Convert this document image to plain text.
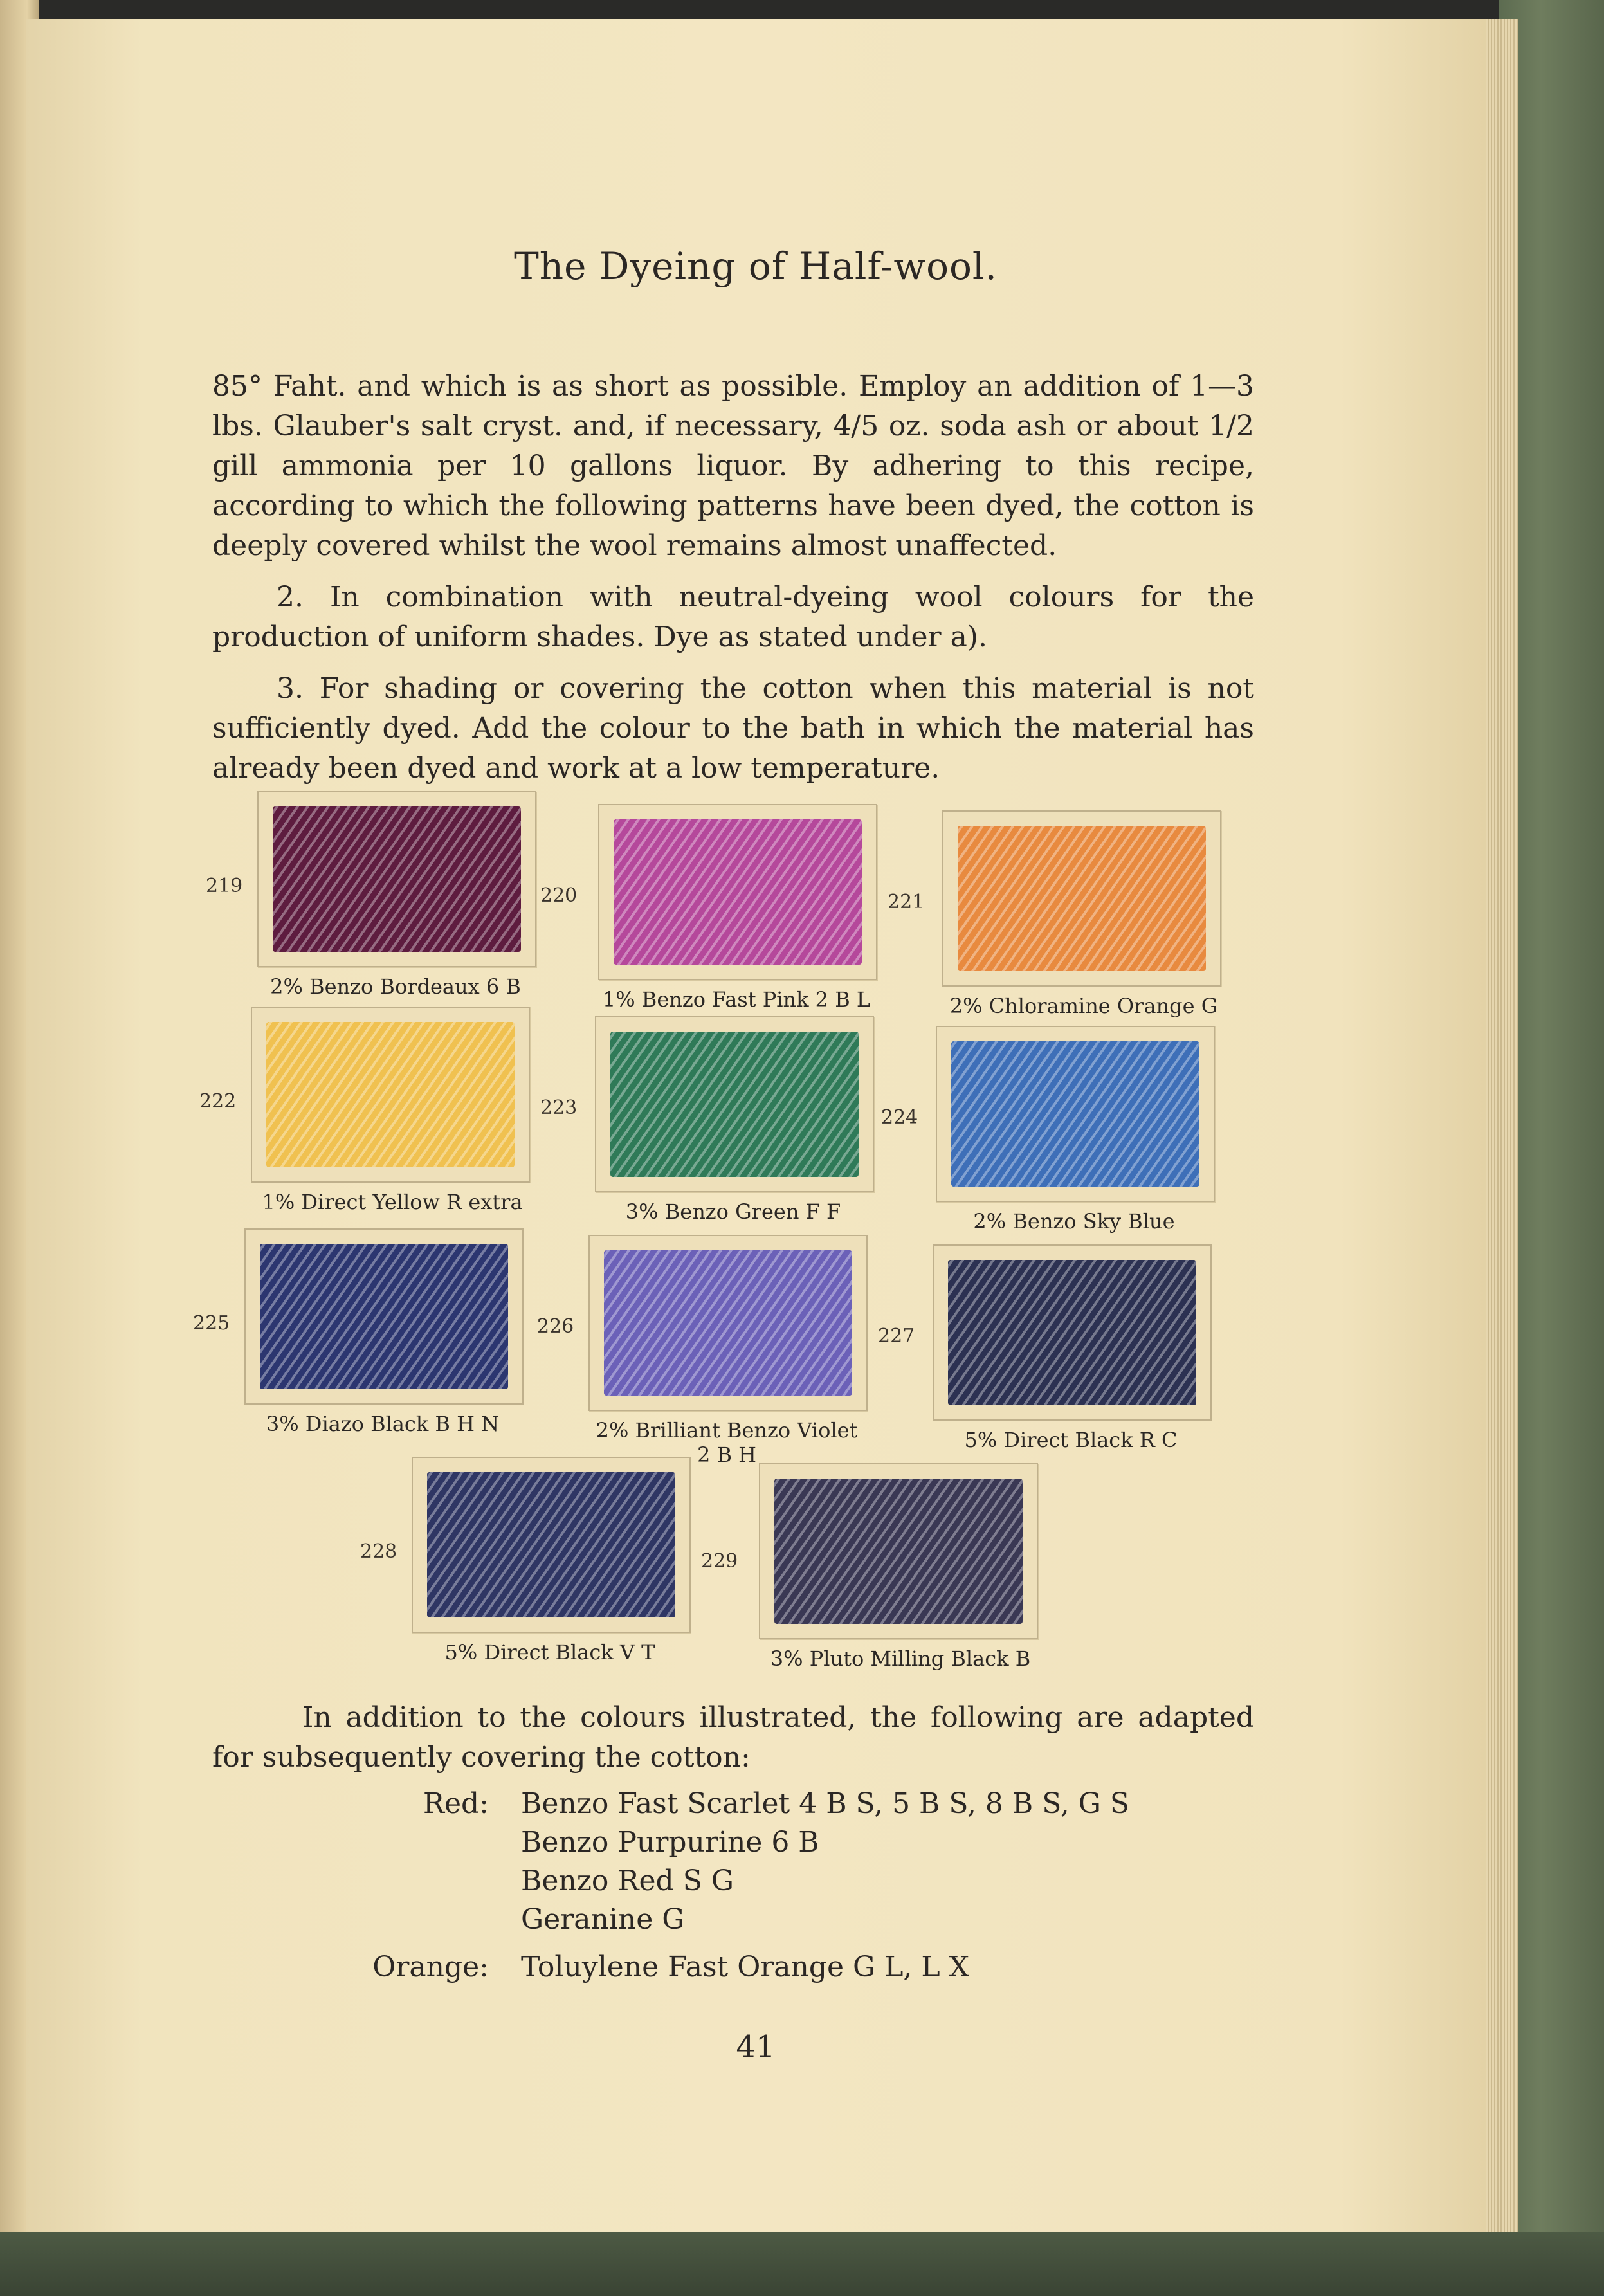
The Dyeing of Half-wool.

85° Faht. and which is as short as possible. Employ an addition of 1—3 lbs. Glauber's salt cryst. and, if necessary, 4/5 oz. soda ash or about 1/2 gill ammonia per 10 gallons liquor. By adhering to this recipe, according to which the following patterns have been dyed, the cotton is deeply covered whilst the wool remains almost unaffected.

2. In combination with neutral-dyeing wool colours for the production of uniform shades. Dye as stated under a).

3. For shading or covering the cotton when this material is not sufficiently dyed. Add the colour to the bath in which the material has already been dyed and work at a low temperature.

219
2% Benzo Bordeaux 6 B
220
1% Benzo Fast Pink 2 B L
221
2% Chloramine Orange G
222
1% Direct Yellow R extra
223
3% Benzo Green F F
224
2% Benzo Sky Blue
225
3% Diazo Black B H N
226
2% Brilliant Benzo Violet
2 B H
227
5% Direct Black R C
228
5% Direct Black V T
229
3% Pluto Milling Black B
In addition to the colours illustrated, the following are adapted for subsequently covering the cotton:
Red:	Benzo Fast Scarlet 4 B S, 5 B S, 8 B S, G S
Benzo Purpurine 6 B
Benzo Red S G
Geranine G
Orange:	Toluylene Fast Orange G L, L X
41
